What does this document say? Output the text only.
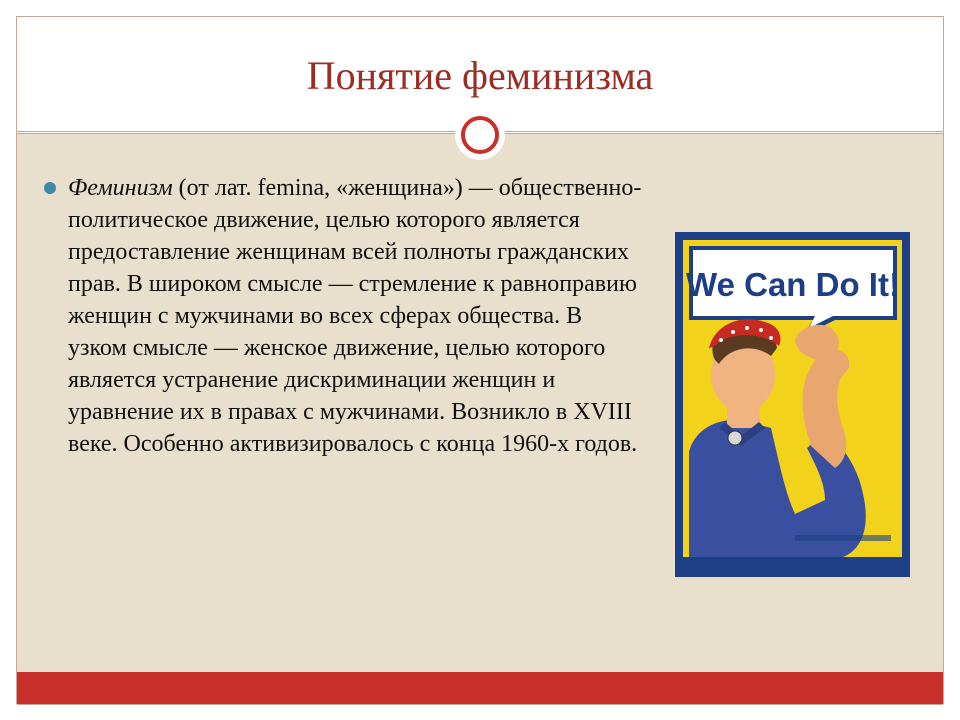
Понятие феминизма
Феминизм (от лат. femina, «женщина») — общественно-политическое движение, целью которого является предоставление женщинам всей полноты гражданских прав. В широком смысле — стремление к равноправию женщин с мужчинами во всех сферах общества. В узком смысле — женское движение, целью которого является устранение дискриминации женщин и уравнение их в правах с мужчинами. Возникло в XVIII веке. Особенно активизировалось с конца 1960-х годов.
We Can Do It!
